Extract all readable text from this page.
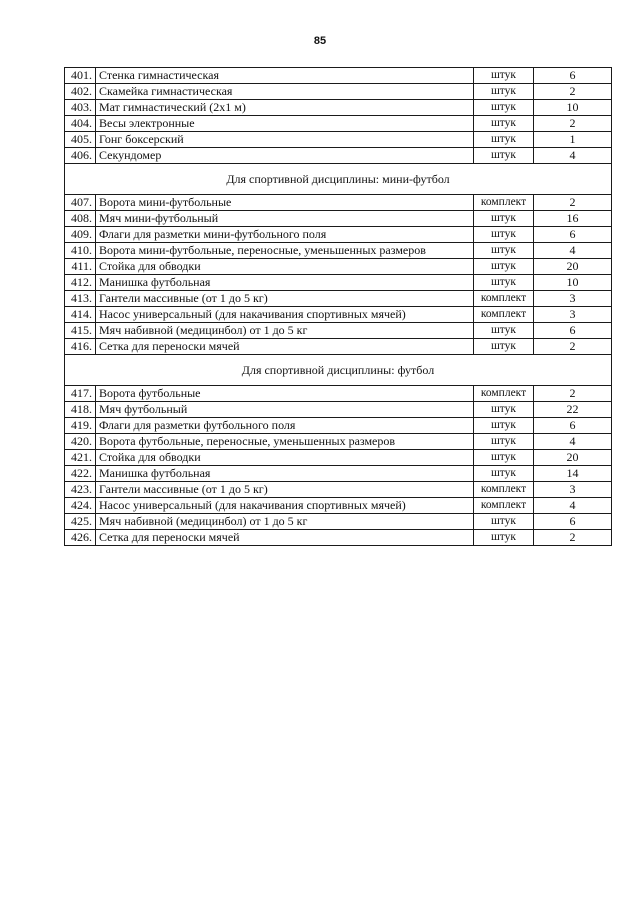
85
401.	Стенка гимнастическая	штук	6
402.	Скамейка гимнастическая	штук	2
403.	Мат гимнастический (2х1 м)	штук	10
404.	Весы электронные	штук	2
405.	Гонг боксерский	штук	1
406.	Секундомер	штук	4
Для спортивной дисциплины: мини-футбол			
407.	Ворота мини-футбольные	комплект	2
408.	Мяч мини-футбольный	штук	16
409.	Флаги для разметки мини-футбольного поля	штук	6
410.	Ворота мини-футбольные, переносные, уменьшенных размеров	штук	4
411.	Стойка для обводки	штук	20
412.	Манишка футбольная	штук	10
413.	Гантели массивные (от 1 до 5 кг)	комплект	3
414.	Насос универсальный (для накачивания спортивных мячей)	комплект	3
415.	Мяч набивной (медицинбол) от 1 до 5 кг	штук	6
416.	Сетка для переноски мячей	штук	2
Для спортивной дисциплины: футбол			
417.	Ворота футбольные	комплект	2
418.	Мяч футбольный	штук	22
419.	Флаги для разметки футбольного поля	штук	6
420.	Ворота футбольные, переносные, уменьшенных размеров	штук	4
421.	Стойка для обводки	штук	20
422.	Манишка футбольная	штук	14
423.	Гантели массивные (от 1 до 5 кг)	комплект	3
424.	Насос универсальный (для накачивания спортивных мячей)	комплект	4
425.	Мяч набивной (медицинбол) от 1 до 5 кг	штук	6
426.	Сетка для переноски мячей	штук	2
